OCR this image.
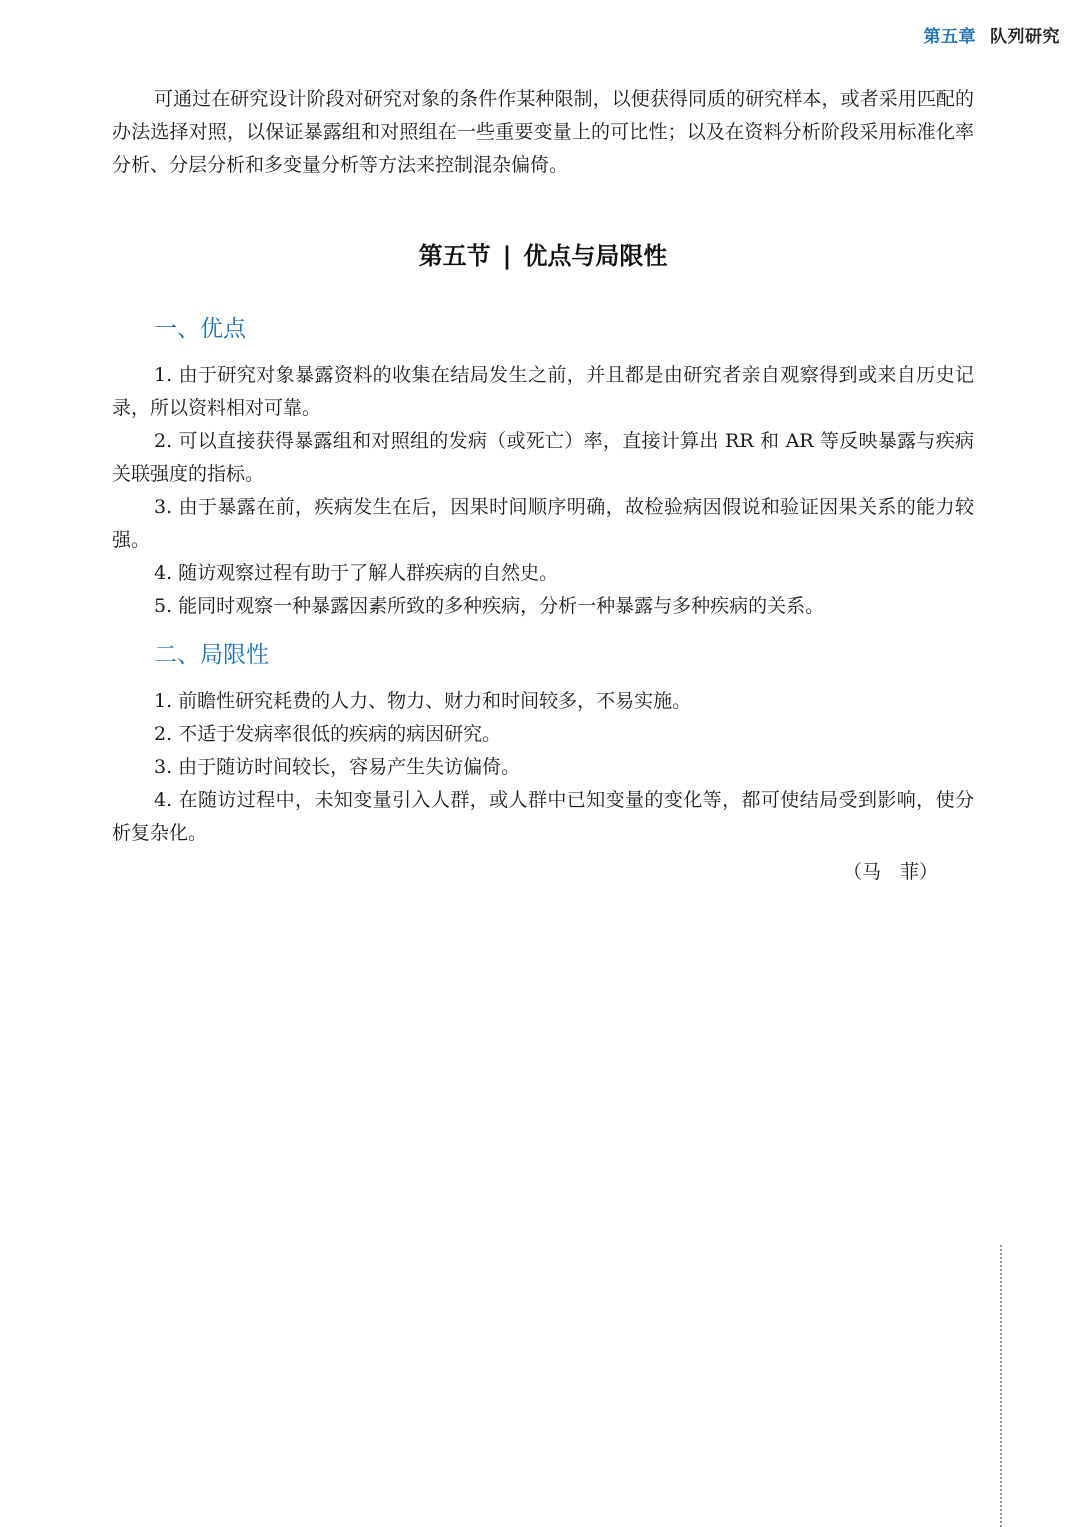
第五章 队列研究

可通过在研究设计阶段对研究对象的条件作某种限制，以便获得同质的研究样本，或者采用匹配的办法选择对照，以保证暴露组和对照组在一些重要变量上的可比性；以及在资料分析阶段采用标准化率分析、分层分析和多变量分析等方法来控制混杂偏倚。

第五节 | 优点与局限性
一、优点

1. 由于研究对象暴露资料的收集在结局发生之前，并且都是由研究者亲自观察得到或来自历史记录，所以资料相对可靠。

2. 可以直接获得暴露组和对照组的发病（或死亡）率，直接计算出 RR 和 AR 等反映暴露与疾病关联强度的指标。

3. 由于暴露在前，疾病发生在后，因果时间顺序明确，故检验病因假说和验证因果关系的能力较强。

4. 随访观察过程有助于了解人群疾病的自然史。

5. 能同时观察一种暴露因素所致的多种疾病，分析一种暴露与多种疾病的关系。

二、局限性

1. 前瞻性研究耗费的人力、物力、财力和时间较多，不易实施。

2. 不适于发病率很低的疾病的病因研究。

3. 由于随访时间较长，容易产生失访偏倚。

4. 在随访过程中，未知变量引入人群，或人群中已知变量的变化等，都可使结局受到影响，使分析复杂化。

（马　菲）
